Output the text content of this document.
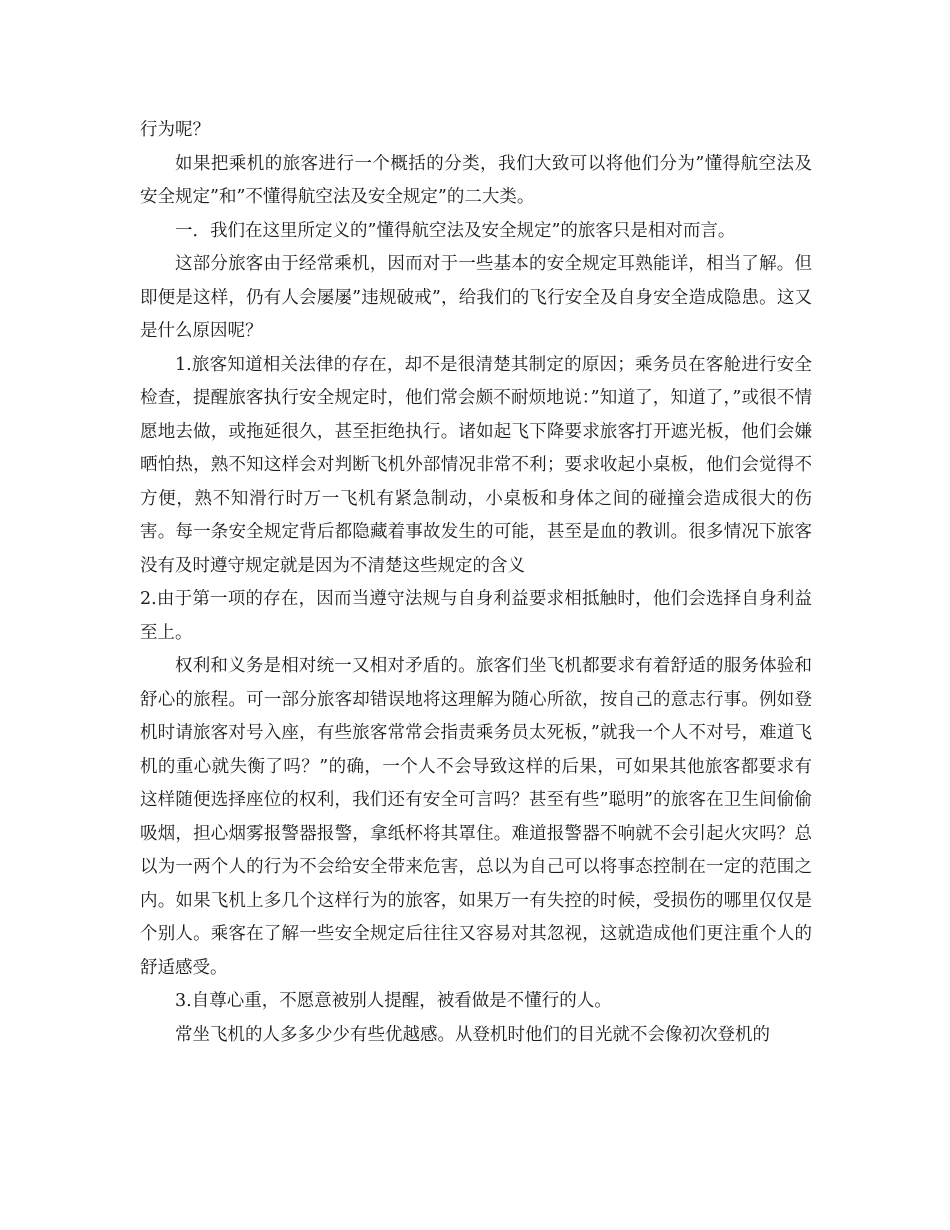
行为呢？

如果把乘机的旅客进行一个概括的分类，我们大致可以将他们分为”懂得航空法及安全规定”和”不懂得航空法及安全规定”的二大类。

一．我们在这里所定义的”懂得航空法及安全规定”的旅客只是相对而言。

这部分旅客由于经常乘机，因而对于一些基本的安全规定耳熟能详，相当了解。但即便是这样，仍有人会屡屡”违规破戒”，给我们的飞行安全及自身安全造成隐患。这又是什么原因呢？

1.旅客知道相关法律的存在，却不是很清楚其制定的原因；乘务员在客舱进行安全检查，提醒旅客执行安全规定时，他们常会颇不耐烦地说：”知道了，知道了，”或很不情愿地去做，或拖延很久，甚至拒绝执行。诸如起飞下降要求旅客打开遮光板，他们会嫌晒怕热，熟不知这样会对判断飞机外部情况非常不利；要求收起小桌板，他们会觉得不方便，熟不知滑行时万一飞机有紧急制动，小桌板和身体之间的碰撞会造成很大的伤害。每一条安全规定背后都隐藏着事故发生的可能，甚至是血的教训。很多情况下旅客没有及时遵守规定就是因为不清楚这些规定的含义

2.由于第一项的存在，因而当遵守法规与自身利益要求相抵触时，他们会选择自身利益至上。

权利和义务是相对统一又相对矛盾的。旅客们坐飞机都要求有着舒适的服务体验和舒心的旅程。可一部分旅客却错误地将这理解为随心所欲，按自己的意志行事。例如登机时请旅客对号入座，有些旅客常常会指责乘务员太死板，”就我一个人不对号，难道飞机的重心就失衡了吗？”的确，一个人不会导致这样的后果，可如果其他旅客都要求有这样随便选择座位的权利，我们还有安全可言吗？甚至有些”聪明”的旅客在卫生间偷偷吸烟，担心烟雾报警器报警，拿纸杯将其罩住。难道报警器不响就不会引起火灾吗？总以为一两个人的行为不会给安全带来危害，总以为自己可以将事态控制在一定的范围之内。如果飞机上多几个这样行为的旅客，如果万一有失控的时候，受损伤的哪里仅仅是个别人。乘客在了解一些安全规定后往往又容易对其忽视，这就造成他们更注重个人的舒适感受。

3.自尊心重，不愿意被别人提醒，被看做是不懂行的人。

常坐飞机的人多多少少有些优越感。从登机时他们的目光就不会像初次登机的
